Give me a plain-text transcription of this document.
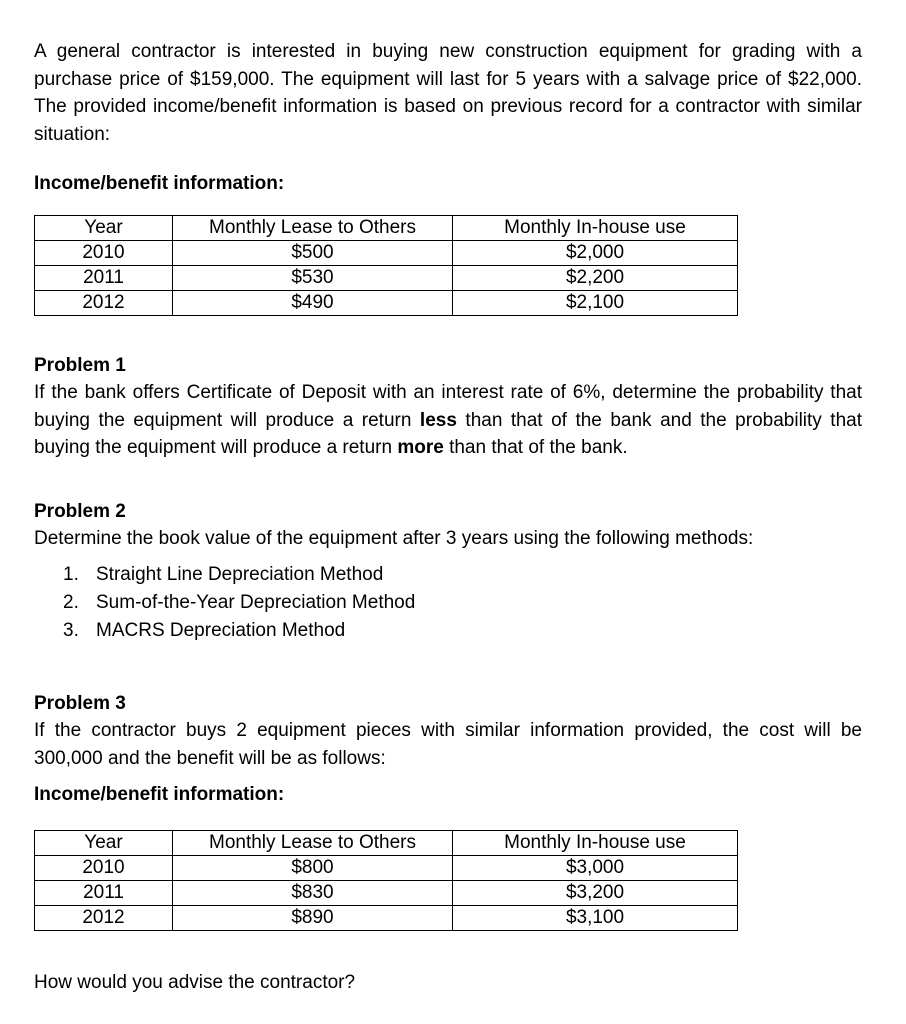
A general contractor is interested in buying new construction equipment for grading with a purchase price of $159,000. The equipment will last for 5 years with a salvage price of $22,000. The provided income/benefit information is based on previous record for a contractor with similar situation:

Income/benefit information:

Year	Monthly Lease to Others	Monthly In-house use
2010	$500	$2,000
2011	$530	$2,200
2012	$490	$2,100

Problem 1

If the bank offers Certificate of Deposit with an interest rate of 6%, determine the probability that buying the equipment will produce a return less than that of the bank and the probability that buying the equipment will produce a return more than that of the bank.

Problem 2

Determine the book value of the equipment after 3 years using the following methods:

1. Straight Line Depreciation Method
2. Sum-of-the-Year Depreciation Method
3. MACRS Depreciation Method

Problem 3

If the contractor buys 2 equipment pieces with similar information provided, the cost will be 300,000 and the benefit will be as follows:

Income/benefit information:

Year	Monthly Lease to Others	Monthly In-house use
2010	$800	$3,000
2011	$830	$3,200
2012	$890	$3,100

How would you advise the contractor?
